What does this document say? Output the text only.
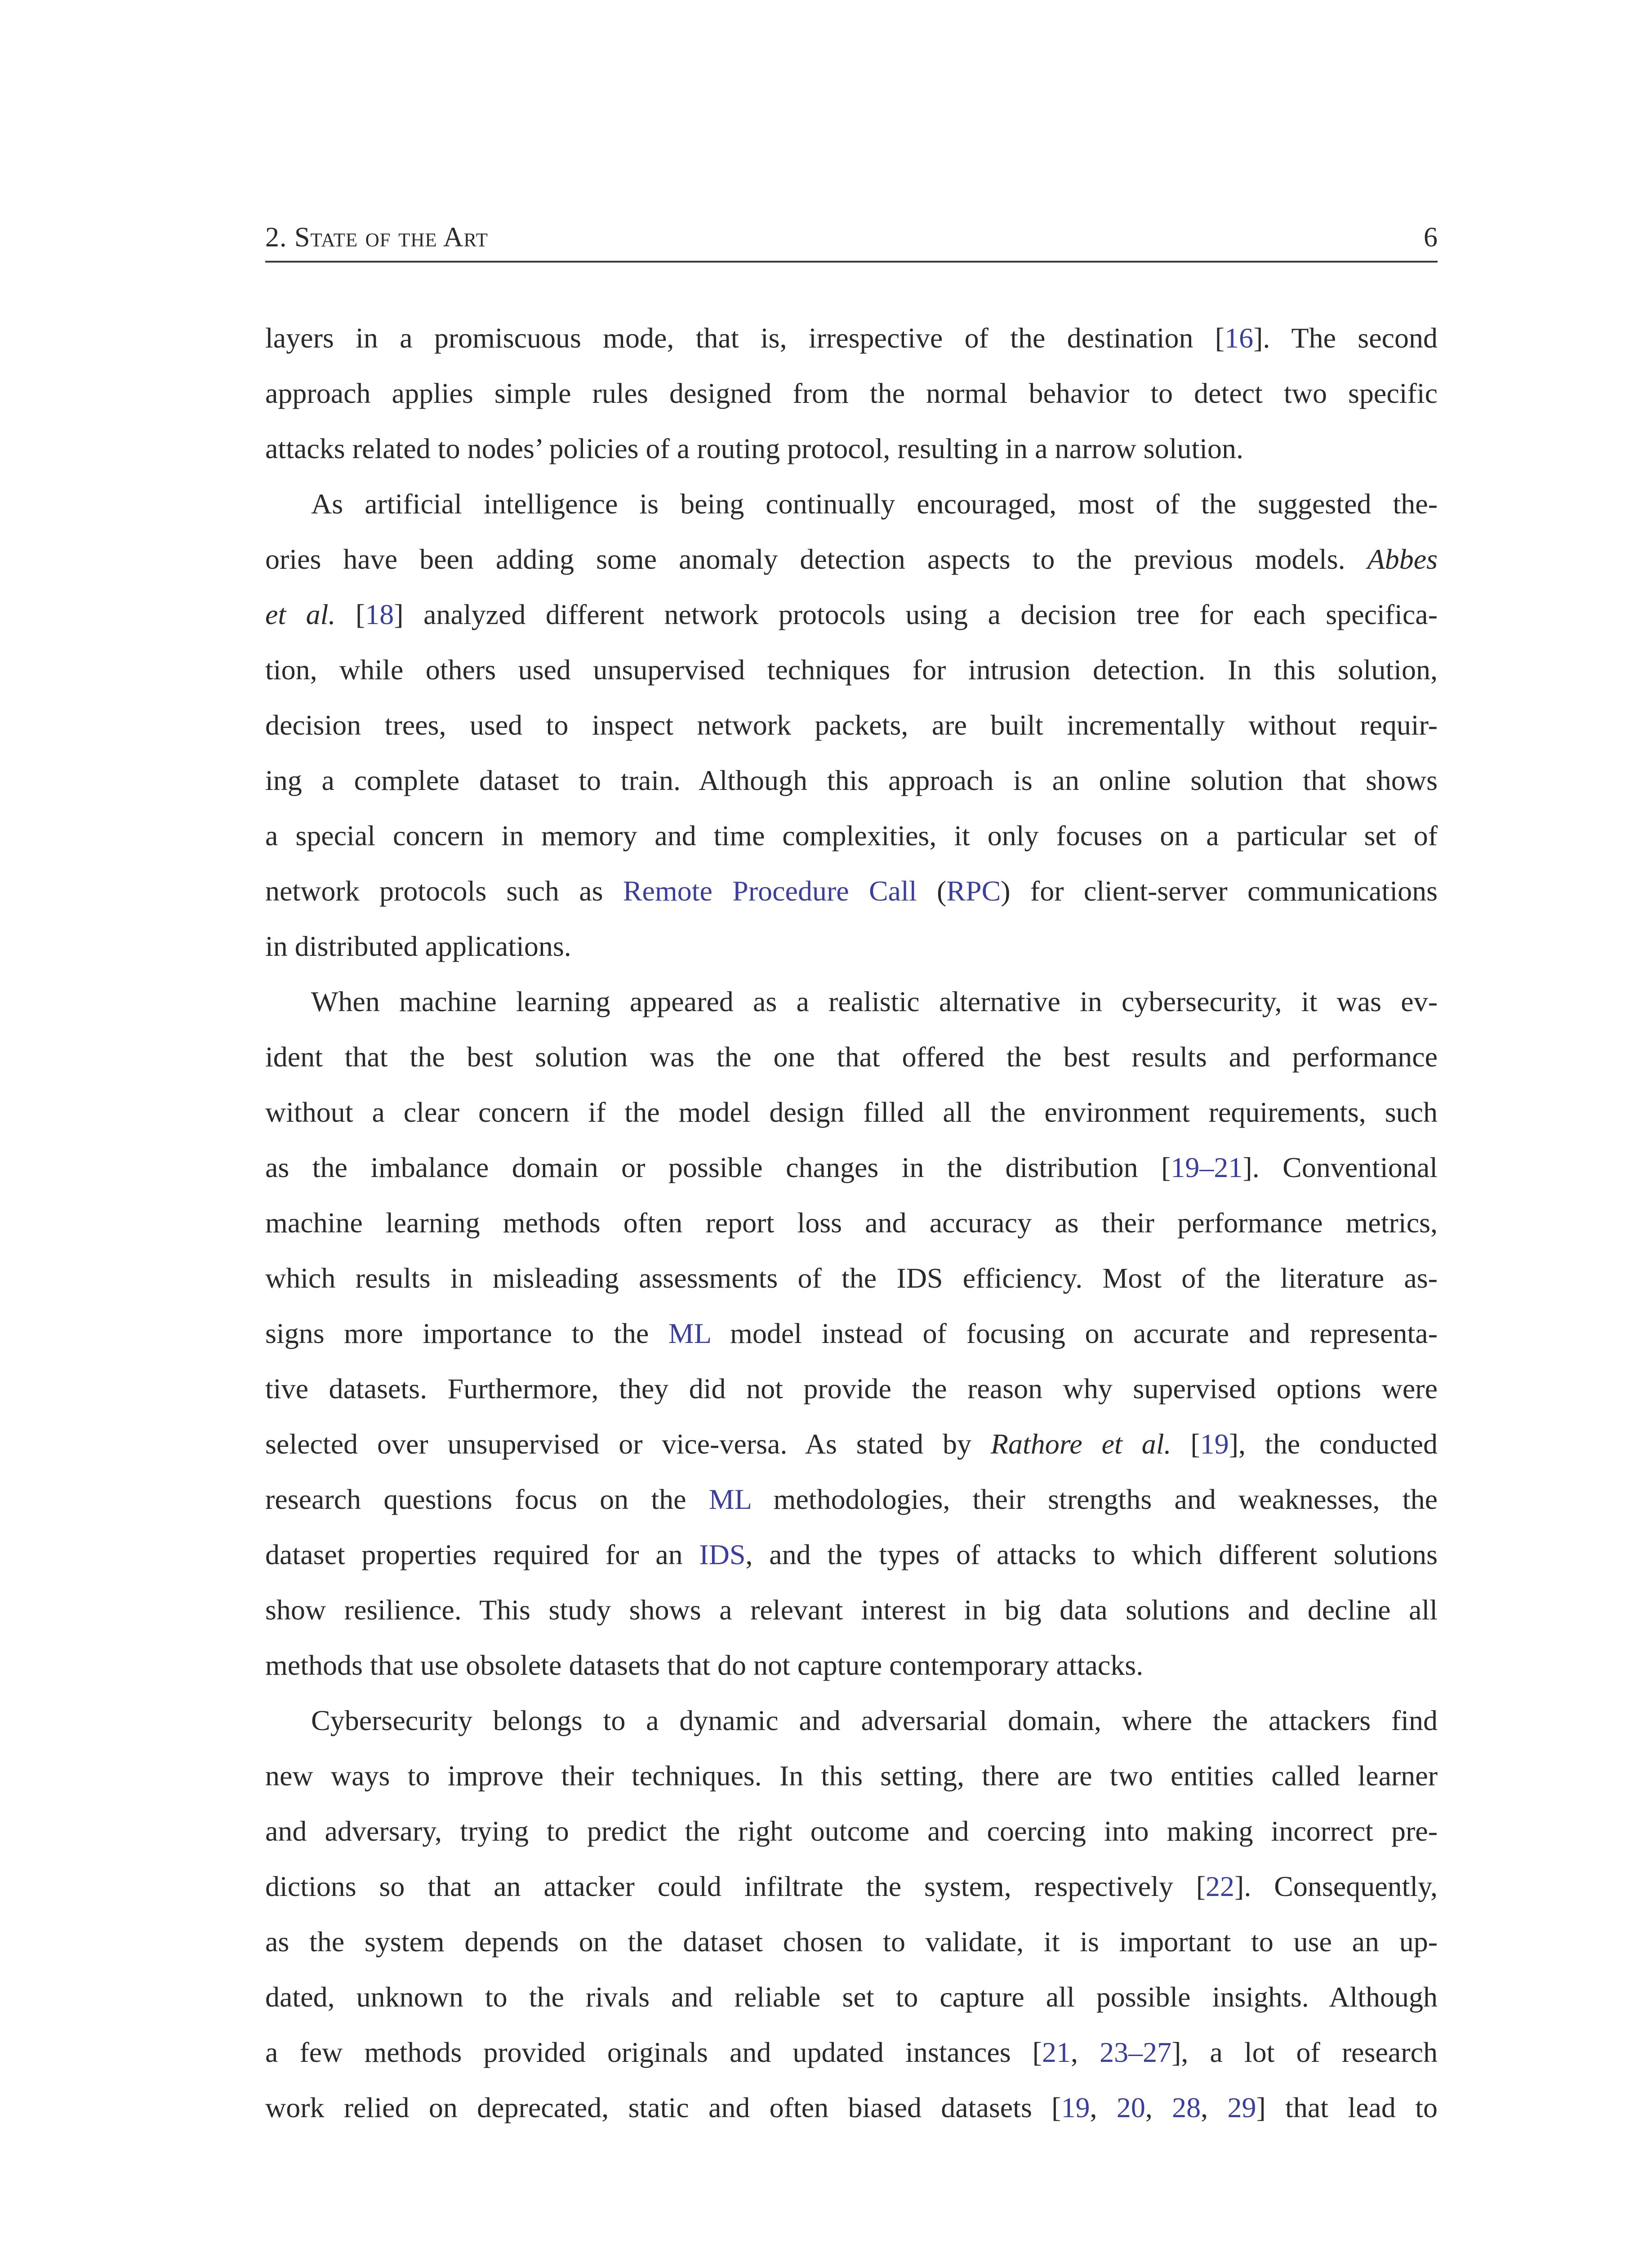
2. State of the Art	6
layers in a promiscuous mode, that is, irrespective of the destination [16]. The second
approach applies simple rules designed from the normal behavior to detect two specific
attacks related to nodes’ policies of a routing protocol, resulting in a narrow solution.
As artificial intelligence is being continually encouraged, most of the suggested the-
ories have been adding some anomaly detection aspects to the previous models. Abbes
et al. [18] analyzed different network protocols using a decision tree for each specifica-
tion, while others used unsupervised techniques for intrusion detection. In this solution,
decision trees, used to inspect network packets, are built incrementally without requir-
ing a complete dataset to train. Although this approach is an online solution that shows
a special concern in memory and time complexities, it only focuses on a particular set of
network protocols such as Remote Procedure Call (RPC) for client-server communications
in distributed applications.
When machine learning appeared as a realistic alternative in cybersecurity, it was ev-
ident that the best solution was the one that offered the best results and performance
without a clear concern if the model design filled all the environment requirements, such
as the imbalance domain or possible changes in the distribution [19–21]. Conventional
machine learning methods often report loss and accuracy as their performance metrics,
which results in misleading assessments of the IDS efficiency. Most of the literature as-
signs more importance to the ML model instead of focusing on accurate and representa-
tive datasets. Furthermore, they did not provide the reason why supervised options were
selected over unsupervised or vice-versa. As stated by Rathore et al. [19], the conducted
research questions focus on the ML methodologies, their strengths and weaknesses, the
dataset properties required for an IDS, and the types of attacks to which different solutions
show resilience. This study shows a relevant interest in big data solutions and decline all
methods that use obsolete datasets that do not capture contemporary attacks.
Cybersecurity belongs to a dynamic and adversarial domain, where the attackers find
new ways to improve their techniques. In this setting, there are two entities called learner
and adversary, trying to predict the right outcome and coercing into making incorrect pre-
dictions so that an attacker could infiltrate the system, respectively [22]. Consequently,
as the system depends on the dataset chosen to validate, it is important to use an up-
dated, unknown to the rivals and reliable set to capture all possible insights. Although
a few methods provided originals and updated instances [21, 23–27], a lot of research
work relied on deprecated, static and often biased datasets [19, 20, 28, 29] that lead to
